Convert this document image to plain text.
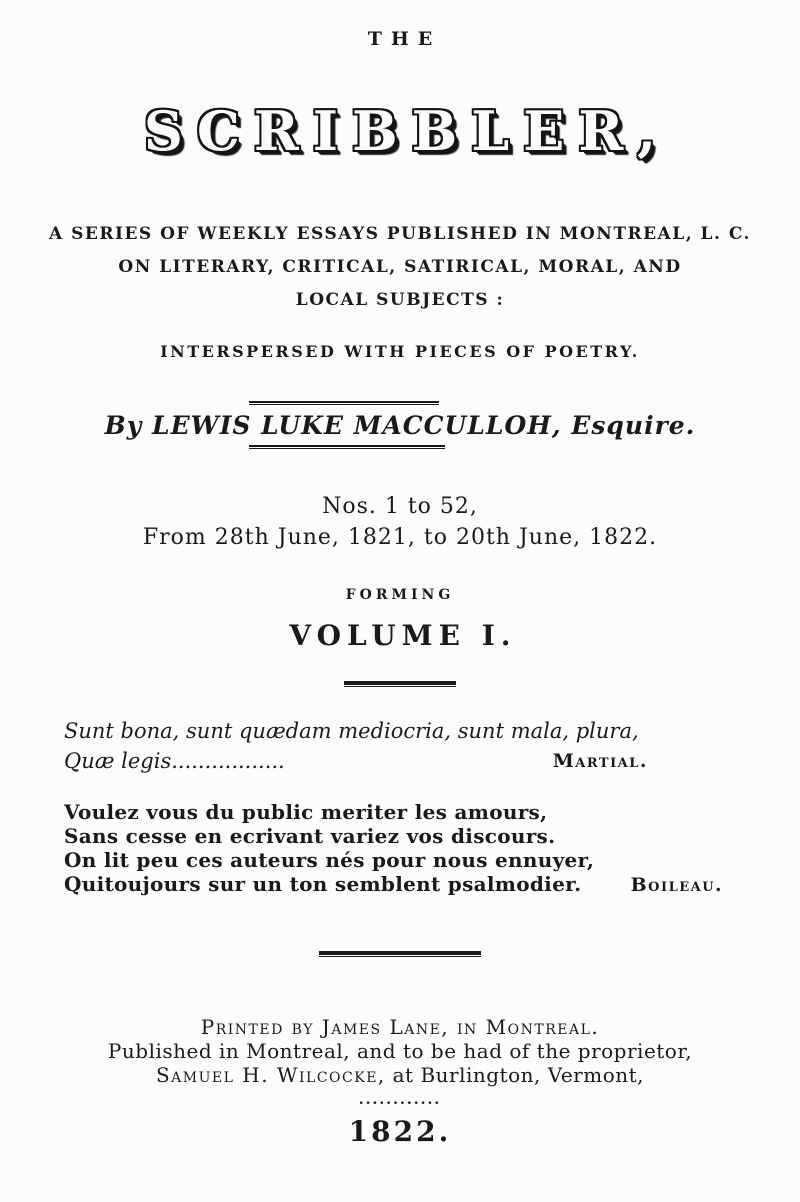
THE
SCRIBBLER,
A SERIES OF WEEKLY ESSAYS PUBLISHED IN MONTREAL, L. C.
ON LITERARY, CRITICAL, SATIRICAL, MORAL, AND
LOCAL SUBJECTS :
INTERSPERSED WITH PIECES OF POETRY.
By LEWIS LUKE MACCULLOH, Esquire.
Nos. 1 to 52,
From 28th June, 1821, to 20th June, 1822.
FORMING
VOLUME I.
Sunt bona, sunt quædam mediocria, sunt mala, plura,
Quæ legis.................	Martial.
Voulez vous du public meriter les amours,
Sans cesse en ecrivant variez vos discours.
On lit peu ces auteurs nés pour nous ennuyer,
Quitoujours sur un ton semblent psalmodier.	Boileau.
Printed by James Lane, in Montreal.
Published in Montreal, and to be had of the proprietor,
Samuel H. Wilcocke, at Burlington, Vermont,
............
1822.
